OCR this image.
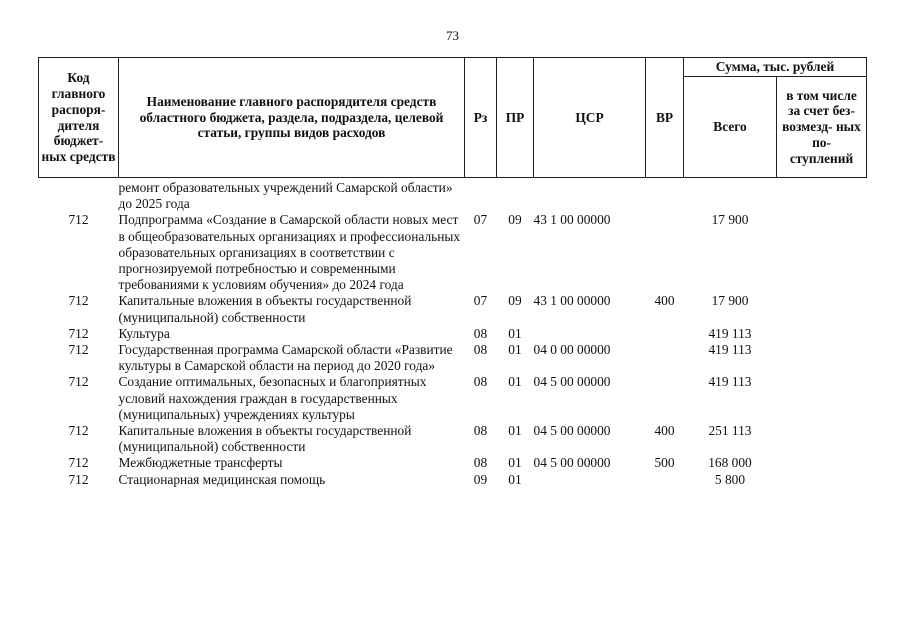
73
Код главного распоря- дителя бюджет- ных средств	Наименование главного распорядителя средств областного бюджета, раздела, подраздела, целевой статьи, группы видов расходов	Рз	ПР	ЦСР	ВР	Сумма, тыс. рублей	

						Всего	в том числе за счет без- возмезд- ных по- ступлений

	ремонт образовательных учреждений Самарской области» до 2025 года						
712	Подпрограмма «Создание в Самарской области новых мест в общеобразовательных организациях и профессиональных образовательных организациях в соответствии с прогнозируемой потребностью и современными требованиями к условиям обучения» до 2024 года	07	09	43 1 00 00000		17 900	
712	Капитальные вложения в объекты государственной (муниципальной) собственности	07	09	43 1 00 00000	400	17 900	
712	Культура	08	01			419 113	
712	Государственная программа Самарской области «Развитие культуры в Самарской области на период до 2020 года»	08	01	04 0 00 00000		419 113	
712	Создание оптимальных, безопасных и благоприятных условий нахождения граждан в государственных (муниципальных) учреждениях культуры	08	01	04 5 00 00000		419 113	
712	Капитальные вложения в объекты государственной (муниципальной) собственности	08	01	04 5 00 00000	400	251 113	
712	Межбюджетные трансферты	08	01	04 5 00 00000	500	168 000	
712	Стационарная медицинская помощь	09	01			5 800	
